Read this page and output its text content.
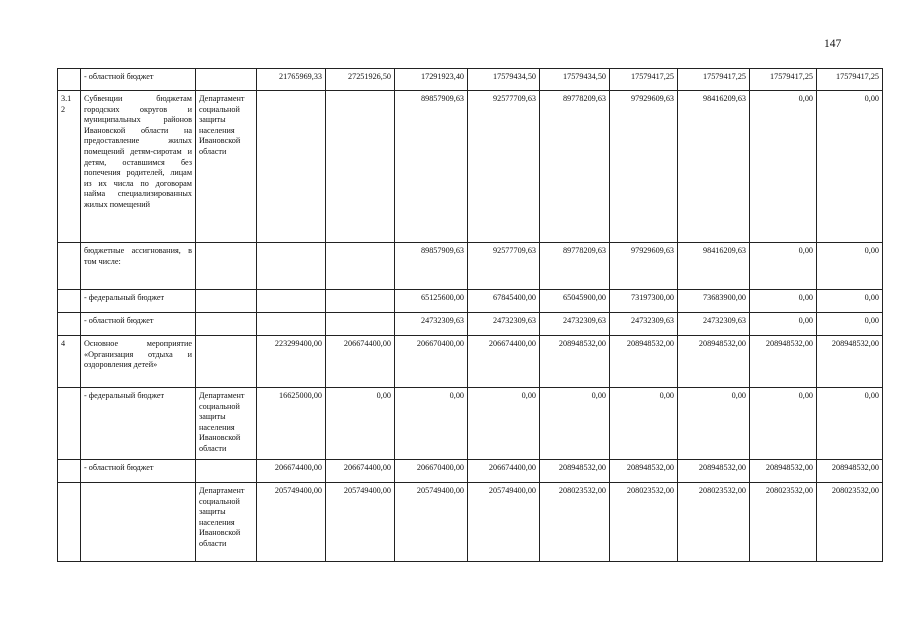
147
	- областной бюджет		21765969,33	27251926,50	17291923,40	17579434,50	17579434,50	17579417,25	17579417,25	17579417,25	17579417,25
3.1 2	Субвенции бюджетам городских округов и муниципальных районов Ивановской области на предоставление жилых помещений детям-сиротам и детям, оставшимся без попечения родителей, лицам из их числа по договорам найма специализированных жилых помещений	Департамент социальной защиты населения Ивановской области			89857909,63	92577709,63	89778209,63	97929609,63	98416209,63	0,00	0,00
	бюджетные ассигнования, в том числе:				89857909,63	92577709,63	89778209,63	97929609,63	98416209,63	0,00	0,00
	- федеральный бюджет				65125600,00	67845400,00	65045900,00	73197300,00	73683900,00	0,00	0,00
	- областной бюджет				24732309,63	24732309,63	24732309,63	24732309,63	24732309,63	0,00	0,00
4	Основное мероприятие «Организация отдыха и оздоровления детей»		223299400,00	206674400,00	206670400,00	206674400,00	208948532,00	208948532,00	208948532,00	208948532,00	208948532,00
	- федеральный бюджет	Департамент социальной защиты населения Ивановской области	16625000,00	0,00	0,00	0,00	0,00	0,00	0,00	0,00	0,00
	- областной бюджет		206674400,00	206674400,00	206670400,00	206674400,00	208948532,00	208948532,00	208948532,00	208948532,00	208948532,00
		Департамент социальной защиты населения Ивановской области	205749400,00	205749400,00	205749400,00	205749400,00	208023532,00	208023532,00	208023532,00	208023532,00	208023532,00
